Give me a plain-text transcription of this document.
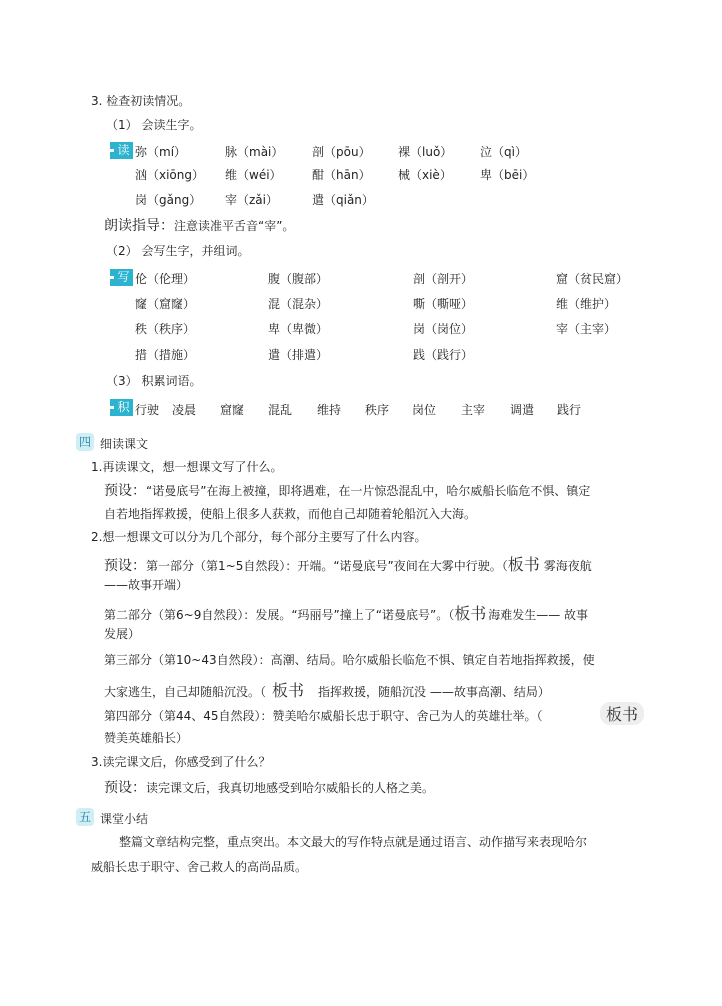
3. 检查初读情况。
（1） 会读生字。
读 弥（mí）	脉（mài） 剖（pōu） 裸（luǒ） 泣（qì）
汹（xiōng） 维（wéi）	酣（hān） 械（xiè） 卑（bēi）
岗（gǎng） 宰（zǎi）	遣（qiǎn）
朗读指导：注意读准平舌音“宰”。
（2） 会写生字，并组词。
写 伦（伦理）	腹（腹部）	剖（剖开）	窟（贫民窟）
窿（窟窿）	混（混杂）	嘶（嘶哑）	维（维护）
秩（秩序）	卑（卑微）	岗（岗位）	宰（主宰）
措（措施）	遣（排遣）	践（践行）
（3） 积累词语。
积 行驶 凌晨 窟窿 混乱 维持 秩序 岗位 主宰 调遣 践行
四 细读课文
1.再读课文，想一想课文写了什么。
预设：“诺曼底号”在海上被撞，即将遇难，在一片惊恐混乱中，哈尔威船长临危不惧、镇定
自若地指挥救援，使船上很多人获救，而他自己却随着轮船沉入大海。
2.想一想课文可以分为几个部分，每个部分主要写了什么内容。
预设：第一部分（第1~5自然段）：开端。“诺曼底号”夜间在大雾中行驶。（板书 雾海夜航
——故事开端）
第二部分（第6~9自然段）：发展。“玛丽号”撞上了“诺曼底号”。（板书 海难发生—— 故事
发展）
第三部分（第10~43自然段）：高潮、结局。哈尔威船长临危不惧、镇定自若地指挥救援，使
大家逃生，自己却随船沉没。（ 板书 指挥救援，随船沉没 ——故事高潮、结局）
第四部分（第44、45自然段）：赞美哈尔威船长忠于职守、舍己为人的英雄壮举。（	板书
赞美英雄船长）
3.读完课文后，你感受到了什么？
预设：读完课文后，我真切地感受到哈尔威船长的人格之美。
五 课堂小结
整篇文章结构完整，重点突出。本文最大的写作特点就是通过语言、动作描写来表现哈尔
威船长忠于职守、舍己救人的高尚品质。
